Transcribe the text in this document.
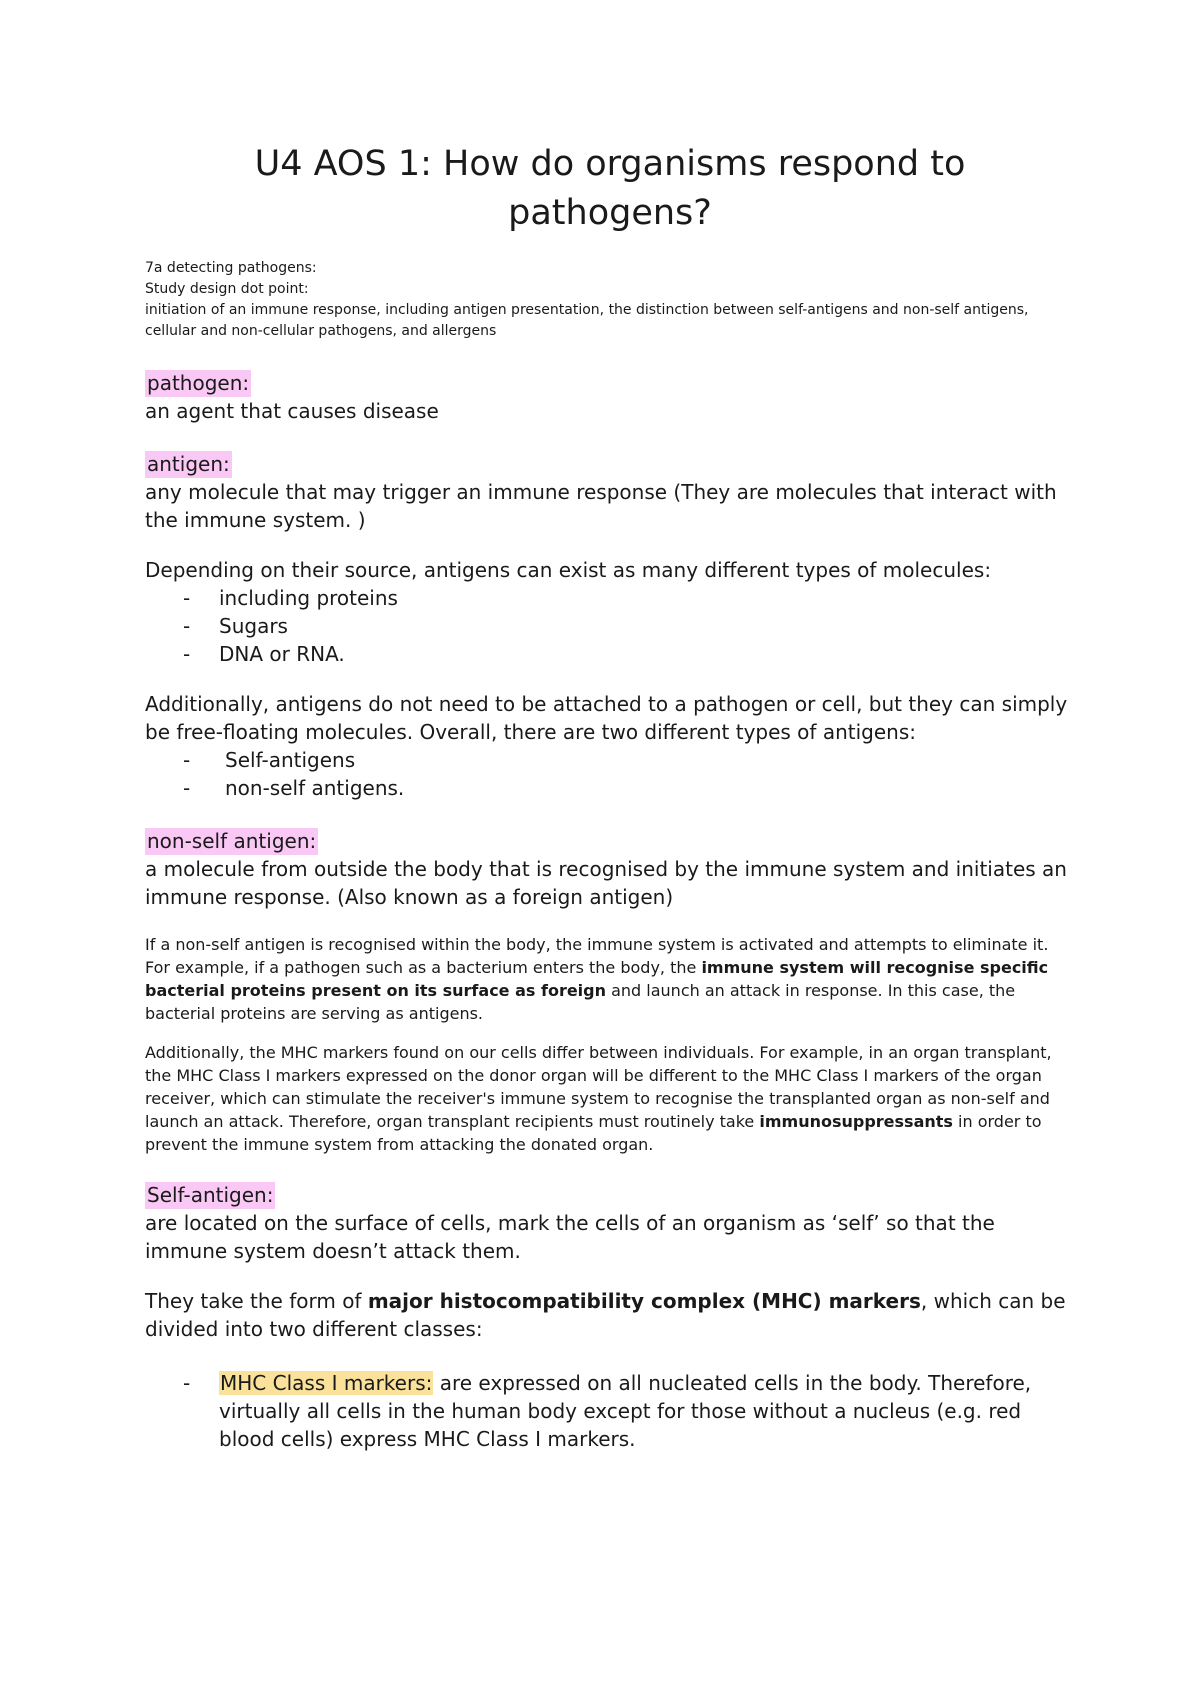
U4 AOS 1: How do organisms respond to pathogens?

7a detecting pathogens:

Study design dot point:

initiation of an immune response, including antigen presentation, the distinction between self-antigens and non-self antigens, cellular and non-cellular pathogens, and allergens

pathogen:

an agent that causes disease

antigen:

any molecule that may trigger an immune response (They are molecules that interact with the immune system. )

Depending on their source, antigens can exist as many different types of molecules:

- including proteins
- Sugars
- DNA or RNA.

Additionally, antigens do not need to be attached to a pathogen or cell, but they can simply be free-floating molecules. Overall, there are two different types of antigens:

- Self-antigens
- non-self antigens.
non-self antigen:

a molecule from outside the body that is recognised by the immune system and initiates an immune response. (Also known as a foreign antigen)

If a non-self antigen is recognised within the body, the immune system is activated and attempts to eliminate it. For example, if a pathogen such as a bacterium enters the body, the immune system will recognise specific bacterial proteins present on its surface as foreign and launch an attack in response. In this case, the bacterial proteins are serving as antigens.

Additionally, the MHC markers found on our cells differ between individuals. For example, in an organ transplant, the MHC Class I markers expressed on the donor organ will be different to the MHC Class I markers of the organ receiver, which can stimulate the receiver's immune system to recognise the transplanted organ as non-self and launch an attack. Therefore, organ transplant recipients must routinely take immunosuppressants in order to prevent the immune system from attacking the donated organ.

Self-antigen:

are located on the surface of cells, mark the cells of an organism as ‘self’ so that the immune system doesn’t attack them.

They take the form of major histocompatibility complex (MHC) markers, which can be divided into two different classes:

- MHC Class I markers: are expressed on all nucleated cells in the body. Therefore, virtually all cells in the human body except for those without a nucleus (e.g. red blood cells) express MHC Class I markers.
